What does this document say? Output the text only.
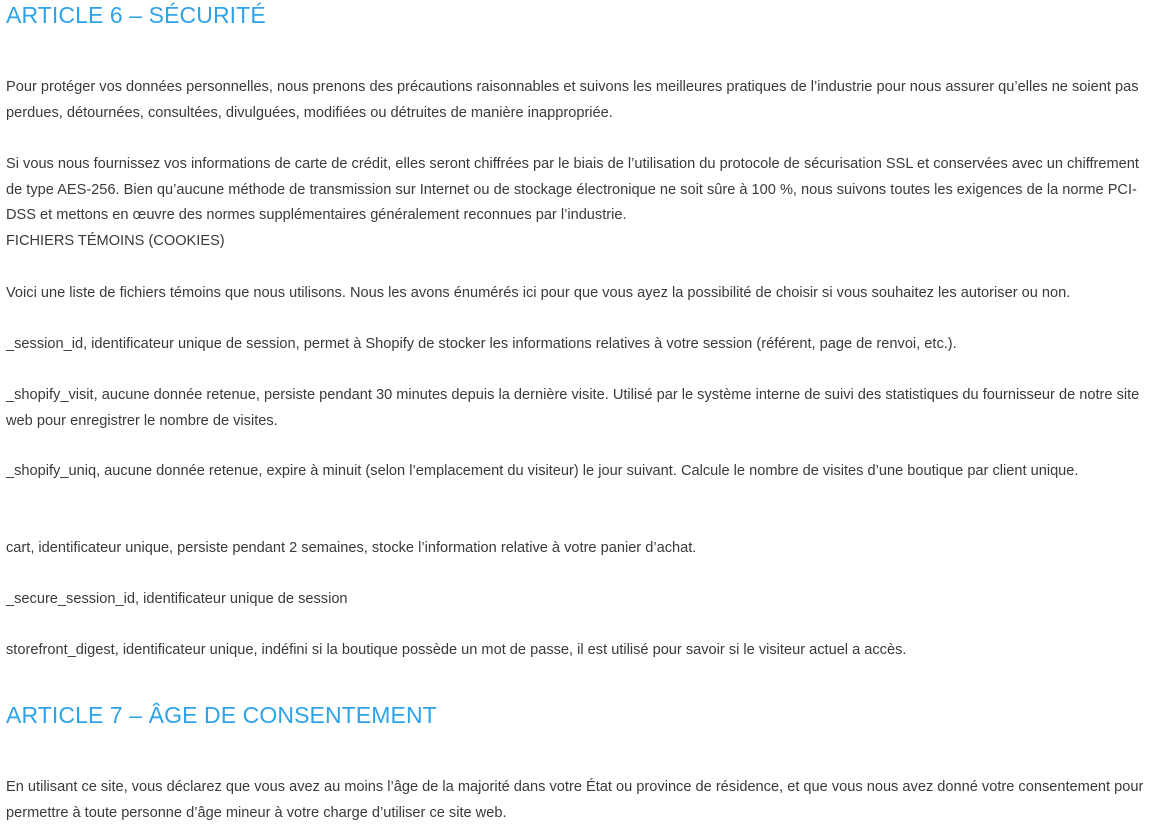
ARTICLE 6 – SÉCURITÉ

Pour protéger vos données personnelles, nous prenons des précautions raisonnables et suivons les meilleures pratiques de l’industrie pour nous assurer qu’elles ne soient pas perdues, détournées, consultées, divulguées, modifiées ou détruites de manière inappropriée.

Si vous nous fournissez vos informations de carte de crédit, elles seront chiffrées par le biais de l’utilisation du protocole de sécurisation SSL et conservées avec un chiffrement de type AES-256. Bien qu’aucune méthode de transmission sur Internet ou de stockage électronique ne soit sûre à 100 %, nous suivons toutes les exigences de la norme PCI-DSS et mettons en œuvre des normes supplémentaires généralement reconnues par l’industrie.

FICHIERS TÉMOINS (COOKIES)

Voici une liste de fichiers témoins que nous utilisons. Nous les avons énumérés ici pour que vous ayez la possibilité de choisir si vous souhaitez les autoriser ou non.

_session_id, identificateur unique de session, permet à Shopify de stocker les informations relatives à votre session (référent, page de renvoi, etc.).

_shopify_visit, aucune donnée retenue, persiste pendant 30 minutes depuis la dernière visite. Utilisé par le système interne de suivi des statistiques du fournisseur de notre site web pour enregistrer le nombre de visites.

_shopify_uniq, aucune donnée retenue, expire à minuit (selon l’emplacement du visiteur) le jour suivant. Calcule le nombre de visites d’une boutique par client unique.

cart, identificateur unique, persiste pendant 2 semaines, stocke l’information relative à votre panier d’achat.

_secure_session_id, identificateur unique de session

storefront_digest, identificateur unique, indéfini si la boutique possède un mot de passe, il est utilisé pour savoir si le visiteur actuel a accès.

ARTICLE 7 – ÂGE DE CONSENTEMENT

En utilisant ce site, vous déclarez que vous avez au moins l’âge de la majorité dans votre État ou province de résidence, et que vous nous avez donné votre consentement pour permettre à toute personne d’âge mineur à votre charge d’utiliser ce site web.
